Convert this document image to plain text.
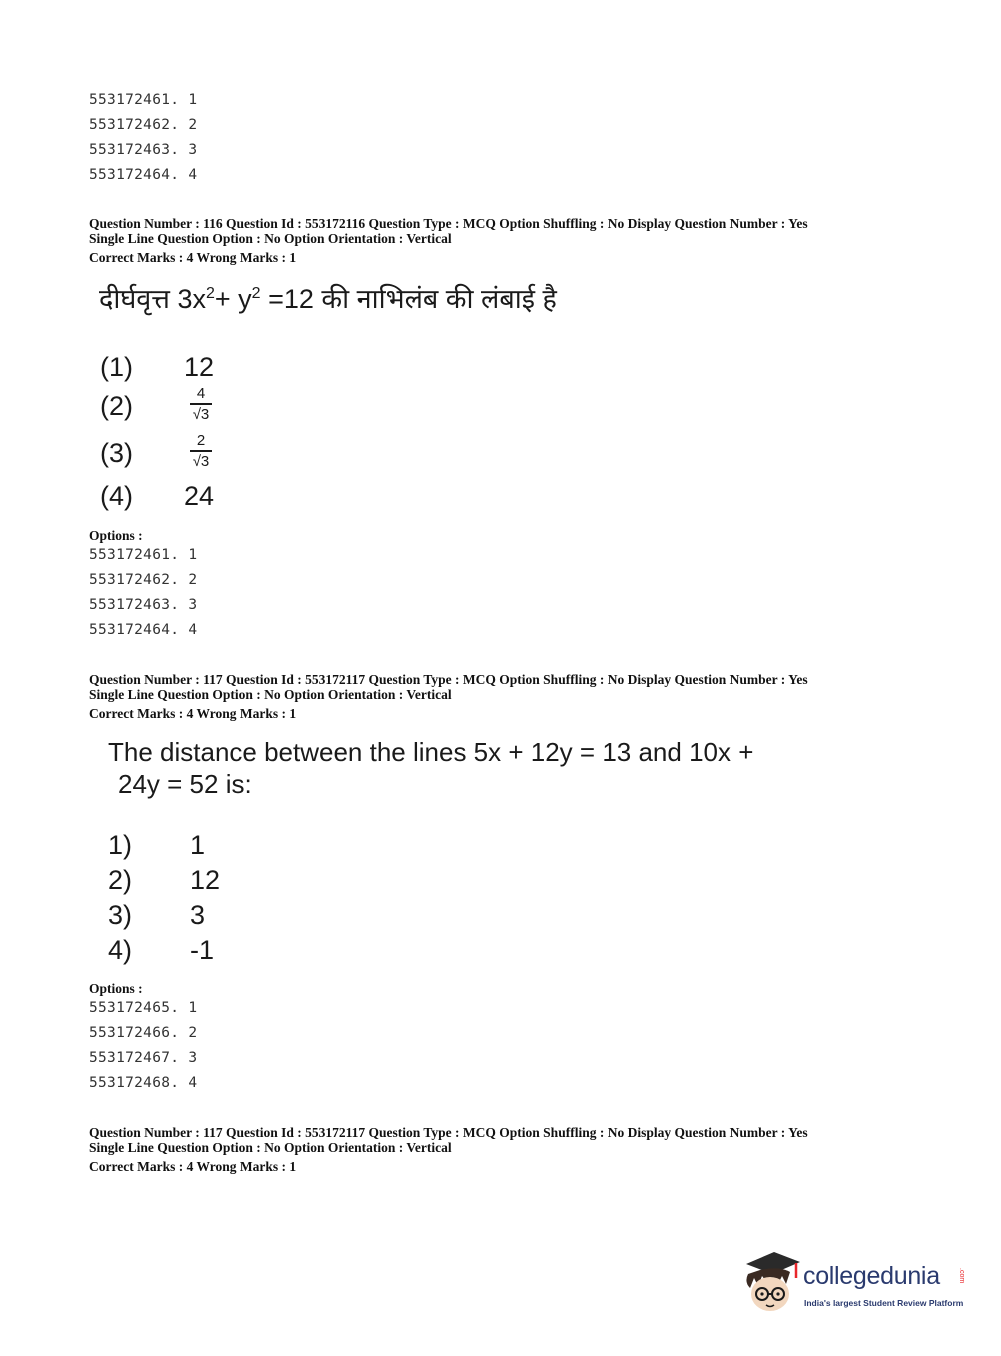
553172461. 1
553172462. 2
553172463. 3
553172464. 4
Question Number : 116 Question Id : 553172116 Question Type : MCQ Option Shuffling : No Display Question Number : Yes
Single Line Question Option : No Option Orientation : Vertical
Correct Marks : 4 Wrong Marks : 1
दीर्घवृत्त $3x^2+ y^2 =12$ की नाभिलंब की लंबाई है
(1) 12
(2)	4
√3
(3)	2
√3
(4) 24
Options :
553172461. 1
553172462. 2
553172463. 3
553172464. 4
Question Number : 117 Question Id : 553172117 Question Type : MCQ Option Shuffling : No Display Question Number : Yes
Single Line Question Option : No Option Orientation : Vertical
Correct Marks : 4 Wrong Marks : 1
The distance between the lines 5x + 12y = 13 and 10x +
24y = 52 is:
1) 1
2) 12
3) 3
4) -1
Options :
553172465. 1
553172466. 2
553172467. 3
553172468. 4
Question Number : 117 Question Id : 553172117 Question Type : MCQ Option Shuffling : No Display Question Number : Yes
Single Line Question Option : No Option Orientation : Vertical
Correct Marks : 4 Wrong Marks : 1
collegedunia	.com
India's largest Student Review Platform
